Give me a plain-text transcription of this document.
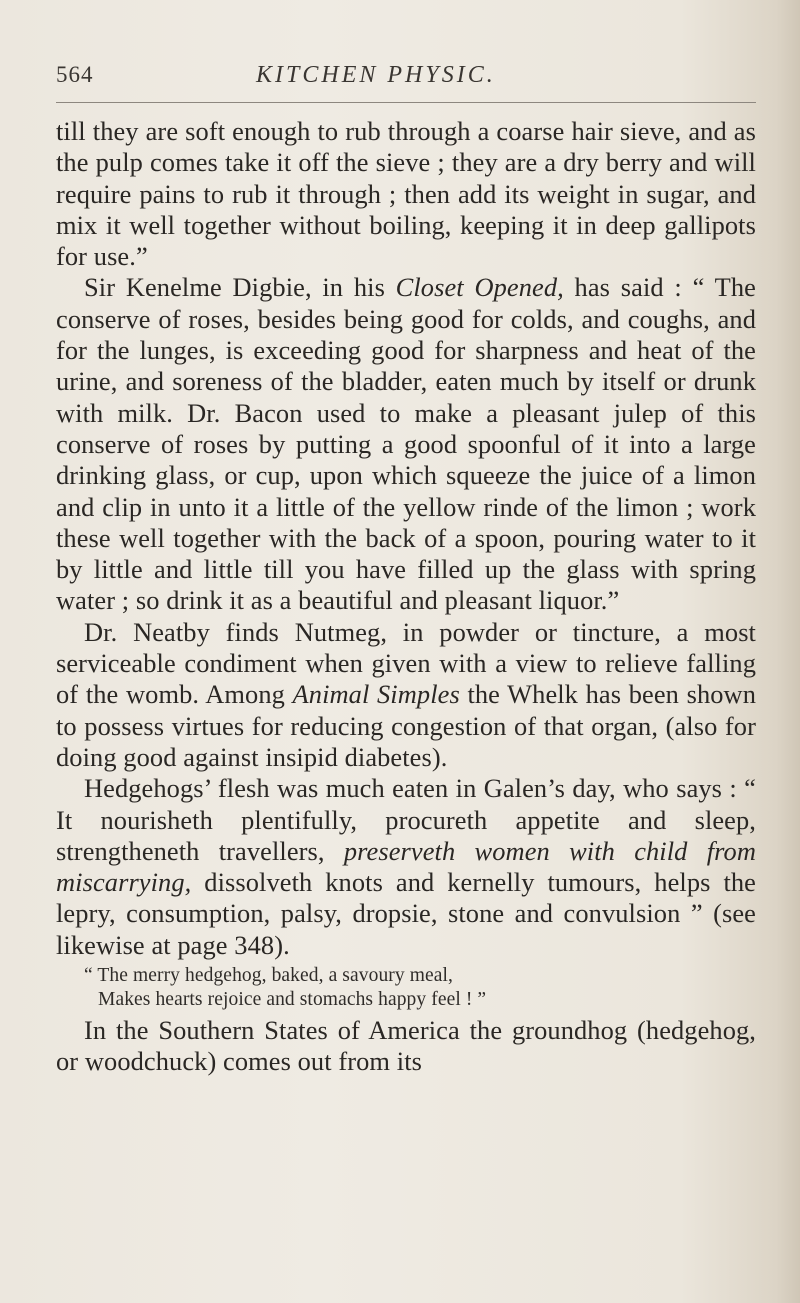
564	KITCHEN PHYSIC.

till they are soft enough to rub through a coarse hair sieve, and as the pulp comes take it off the sieve ; they are a dry berry and will require pains to rub it through ; then add its weight in sugar, and mix it well together without boiling, keeping it in deep gallipots for use.”

Sir Kenelme Digbie, in his Closet Opened, has said : “ The conserve of roses, besides being good for colds, and coughs, and for the lunges, is exceeding good for sharpness and heat of the urine, and soreness of the bladder, eaten much by itself or drunk with milk. Dr. Bacon used to make a pleasant julep of this conserve of roses by putting a good spoonful of it into a large drinking glass, or cup, upon which squeeze the juice of a limon and clip in unto it a little of the yellow rinde of the limon ; work these well together with the back of a spoon, pouring water to it by little and little till you have filled up the glass with spring water ; so drink it as a beautiful and pleasant liquor.”

Dr. Neatby finds Nutmeg, in powder or tincture, a most serviceable condiment when given with a view to relieve falling of the womb. Among Animal Simples the Whelk has been shown to possess virtues for reducing congestion of that organ, (also for doing good against insipid diabetes).

Hedgehogs’ flesh was much eaten in Galen’s day, who says : “ It nourisheth plentifully, procureth appetite and sleep, strengtheneth travellers, preserveth women with child from miscarrying, dissolveth knots and kernelly tumours, helps the lepry, consumption, palsy, dropsie, stone and convulsion ” (see likewise at page 348).

“ The merry hedgehog, baked, a savoury meal,
Makes hearts rejoice and stomachs happy feel ! ”

In the Southern States of America the groundhog (hedgehog, or woodchuck) comes out from its
